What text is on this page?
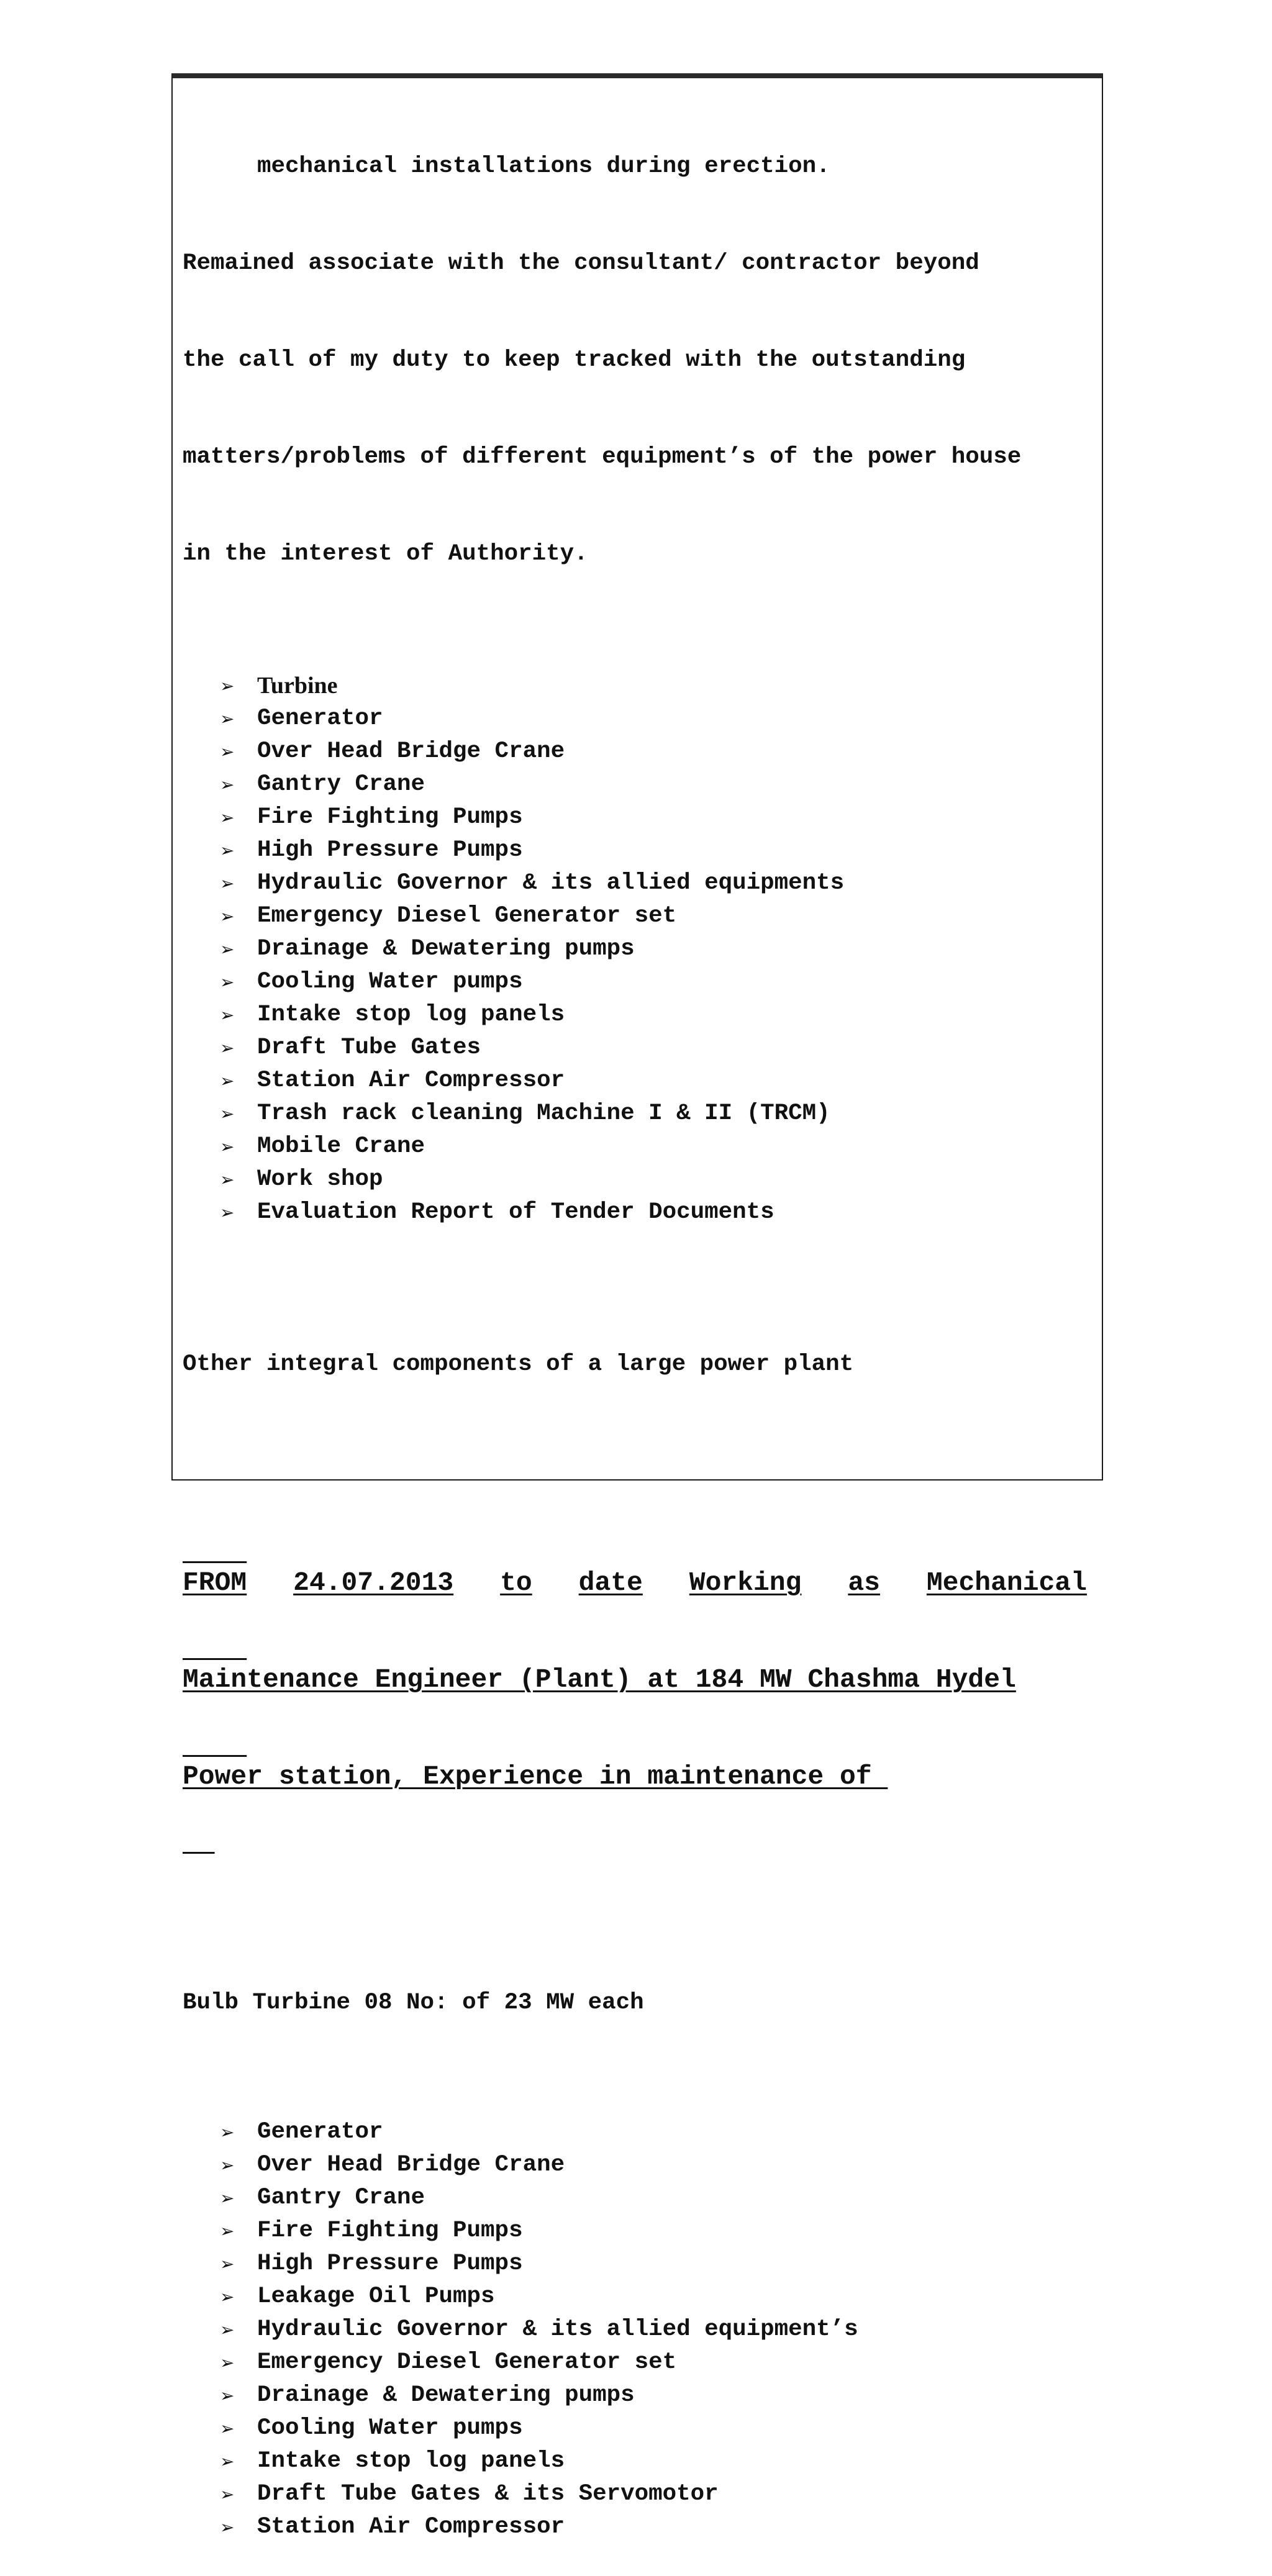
mechanical installations during erection.

Remained associate with the consultant/ contractor beyond

the call of my duty to keep tracked with the outstanding

matters/problems of different equipment’s of the power house

in the interest of Authority.

➢ Turbine
➢ Generator
➢ Over Head Bridge Crane
➢ Gantry Crane
➢ Fire Fighting Pumps
➢ High Pressure Pumps
➢ Hydraulic Governor & its allied equipments
➢ Emergency Diesel Generator set
➢ Drainage & Dewatering pumps
➢ Cooling Water pumps
➢ Intake stop log panels
➢ Draft Tube Gates
➢ Station Air Compressor
➢ Trash rack cleaning Machine I & II (TRCM)
➢ Mobile Crane
➢ Work shop
➢ Evaluation Report of Tender Documents

Other integral components of a large power plant

FROM 24.07.2013 to date Working as Mechanical

Maintenance Engineer (Plant) at 184 MW Chashma Hydel

Power station, Experience in maintenance of

Bulb Turbine 08 No: of 23 MW each

➢ Generator
➢ Over Head Bridge Crane
➢ Gantry Crane
➢ Fire Fighting Pumps
➢ High Pressure Pumps
➢ Leakage Oil Pumps
➢ Hydraulic Governor & its allied equipment’s
➢ Emergency Diesel Generator set
➢ Drainage & Dewatering pumps
➢ Cooling Water pumps
➢ Intake stop log panels
➢ Draft Tube Gates & its Servomotor
➢ Station Air Compressor
